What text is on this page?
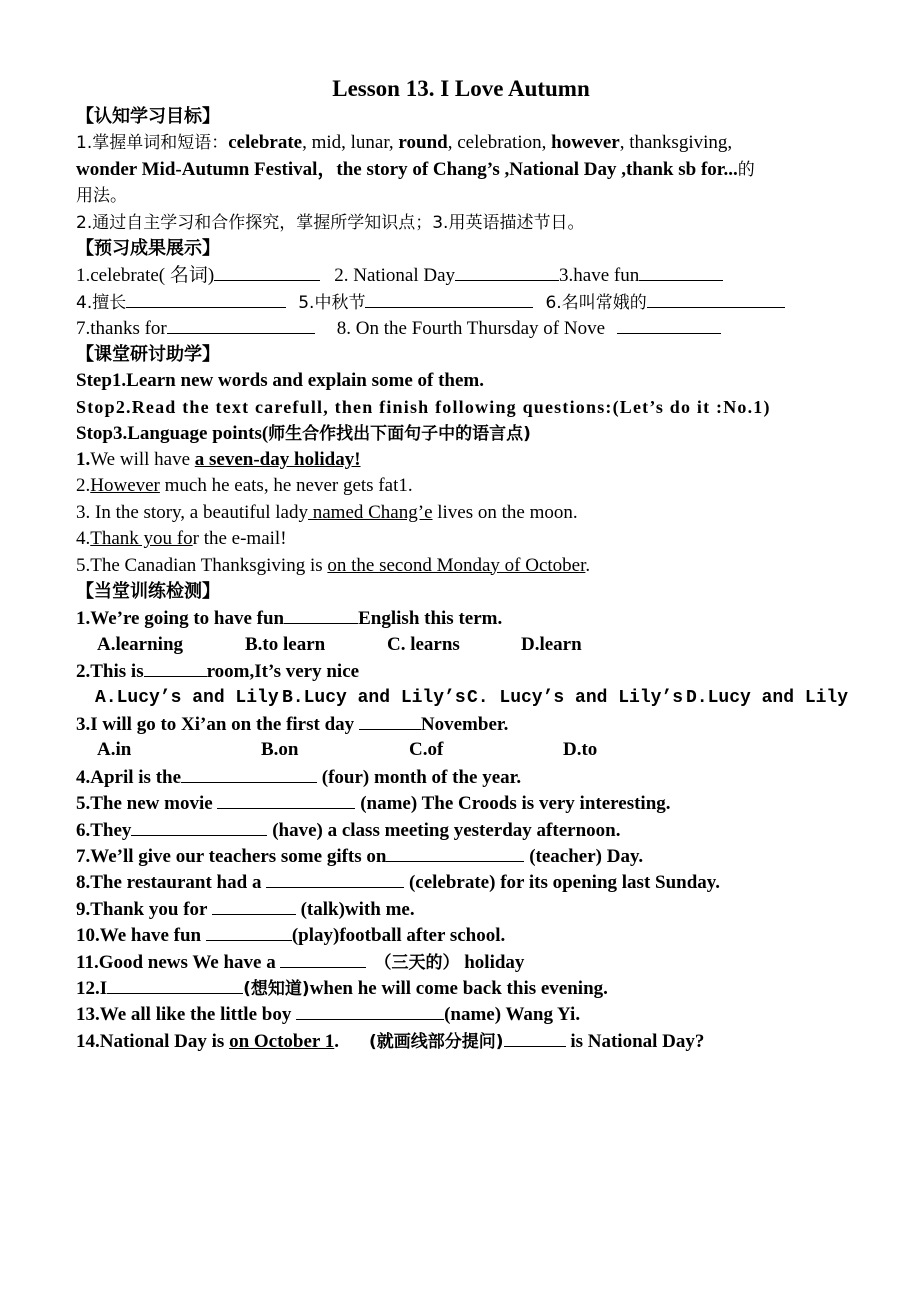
Lesson 13. I Love Autumn
【认知学习目标】
1.掌握单词和短语：celebrate, mid, lunar, round, celebration, however, thanksgiving,
wonder Mid-Autumn Festival，the story of Chang’s ,National Day ,thank sb for...的
用法。
2.通过自主学习和合作探究，掌握所学知识点；3.用英语描述节日。
【预习成果展示】
1.celebrate( 名词)	2. National Day	3.have fun
4.擅长	5.中秋节	6.名叫常娥的
7.thanks for	8. On the Fourth Thursday of Nove
【课堂研讨助学】
Step1.Learn new words and explain some of them.
Stop2.Read the text carefull, then finish following questions:(Let’s do it :No.1)
Stop3.Language points(师生合作找出下面句子中的语言点)
1.We will have a seven-day holiday!
2.However much he eats, he never gets fat1.
3. In the story, a beautiful lady named Chang’e lives on the moon.
4.Thank you for the e-mail!
5.The Canadian Thanksgiving is on the second Monday of October.
【当堂训练检测】
1.We’re going to have fun	English this term.
A.learning	B.to learn	C. learns	D.learn
2.This is	room,It’s very nice
A.Lucy’s and Lily B.Lucy and Lily’sC. Lucy’s and Lily’s D.Lucy and Lily
3.I will go to Xi’an on the first day	November.
A.in	B.on	C.of	D.to
4.April is the	(four) month of the year.
5.The new movie	(name) The Croods is very interesting.
6.They	(have) a class meeting yesterday afternoon.
7.We’ll give our teachers some gifts on	(teacher) Day.
8.The restaurant had a	(celebrate) for its opening last Sunday.
9.Thank you for	(talk)with me.
10.We have fun	(play)football after school.
11.Good news We have a	（三天的） holiday
12.I	(想知道)when he will come back this evening.
13.We all like the little boy	(name) Wang Yi.
14.National Day is on October 1. (就画线部分提问)	is National Day?
